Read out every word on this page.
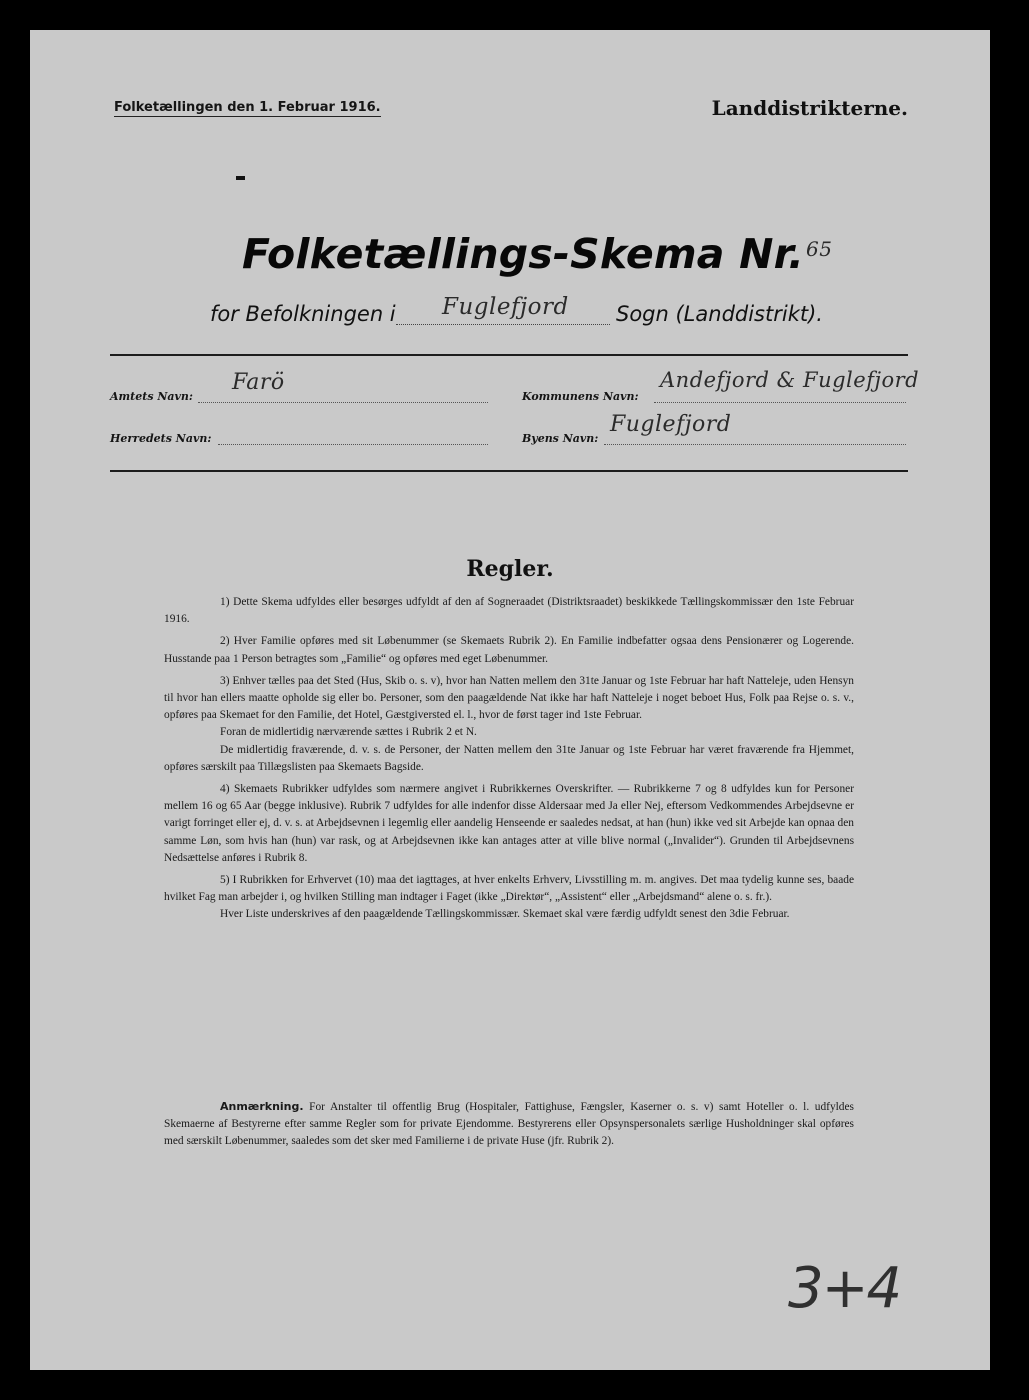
Folketællingen den 1. Februar 1916.	Landdistrikterne.
Folketællings-Skema Nr. $^{65}$
for Befolkningen i Fuglefjord Sogn (Landdistrikt).
Amtets Navn:
Farö
Kommunens Navn:
Andefjord & Fuglefjord
Herredets Navn:	Byens Navn:
Fuglefjord
Regler.

1) Dette Skema udfyldes eller besørges udfyldt af den af Sogneraadet (Distriktsraadet) beskikkede Tællingskommissær den 1ste Februar 1916.

2) Hver Familie opføres med sit Løbenummer (se Skemaets Rubrik 2). En Familie indbefatter ogsaa dens Pensionærer og Logerende. Husstande paa 1 Person betragtes som „Familie“ og opføres med eget Løbenummer.

3) Enhver tælles paa det Sted (Hus, Skib o. s. v), hvor han Natten mellem den 31te Januar og 1ste Februar har haft Natteleje, uden Hensyn til hvor han ellers maatte opholde sig eller bo. Personer, som den paagældende Nat ikke har haft Natteleje i noget beboet Hus, Folk paa Rejse o. s. v., opføres paa Skemaet for den Familie, det Hotel, Gæstgiversted el. l., hvor de først tager ind 1ste Februar.

Foran de midlertidig nærværende sættes i Rubrik 2 et N.

De midlertidig fraværende, d. v. s. de Personer, der Natten mellem den 31te Januar og 1ste Februar har været fraværende fra Hjemmet, opføres særskilt paa Tillægslisten paa Skemaets Bagside.

4) Skemaets Rubrikker udfyldes som nærmere angivet i Rubrikkernes Overskrifter. — Rubrikkerne 7 og 8 udfyldes kun for Personer mellem 16 og 65 Aar (begge inklusive). Rubrik 7 udfyldes for alle indenfor disse Aldersaar med Ja eller Nej, eftersom Vedkommendes Arbejdsevne er varigt forringet eller ej, d. v. s. at Arbejdsevnen i legemlig eller aandelig Henseende er saaledes nedsat, at han (hun) ikke ved sit Arbejde kan opnaa den samme Løn, som hvis han (hun) var rask, og at Arbejdsevnen ikke kan antages atter at ville blive normal („Invalider“). Grunden til Arbejdsevnens Nedsættelse anføres i Rubrik 8.

5) I Rubrikken for Erhvervet (10) maa det iagttages, at hver enkelts Erhverv, Livsstilling m. m. angives. Det maa tydelig kunne ses, baade hvilket Fag man arbejder i, og hvilken Stilling man indtager i Faget (ikke „Direktør“, „Assistent“ eller „Arbejdsmand“ alene o. s. fr.).

Hver Liste underskrives af den paagældende Tællingskommissær. Skemaet skal være færdig udfyldt senest den 3die Februar.

Anmærkning. For Anstalter til offentlig Brug (Hospitaler, Fattighuse, Fængsler, Kaserner o. s. v) samt Hoteller o. l. udfyldes Skemaerne af Bestyrerne efter samme Regler som for private Ejendomme. Bestyrerens eller Opsynspersonalets særlige Husholdninger skal opføres med særskilt Løbenummer, saaledes som det sker med Familierne i de private Huse (jfr. Rubrik 2).

3+4
